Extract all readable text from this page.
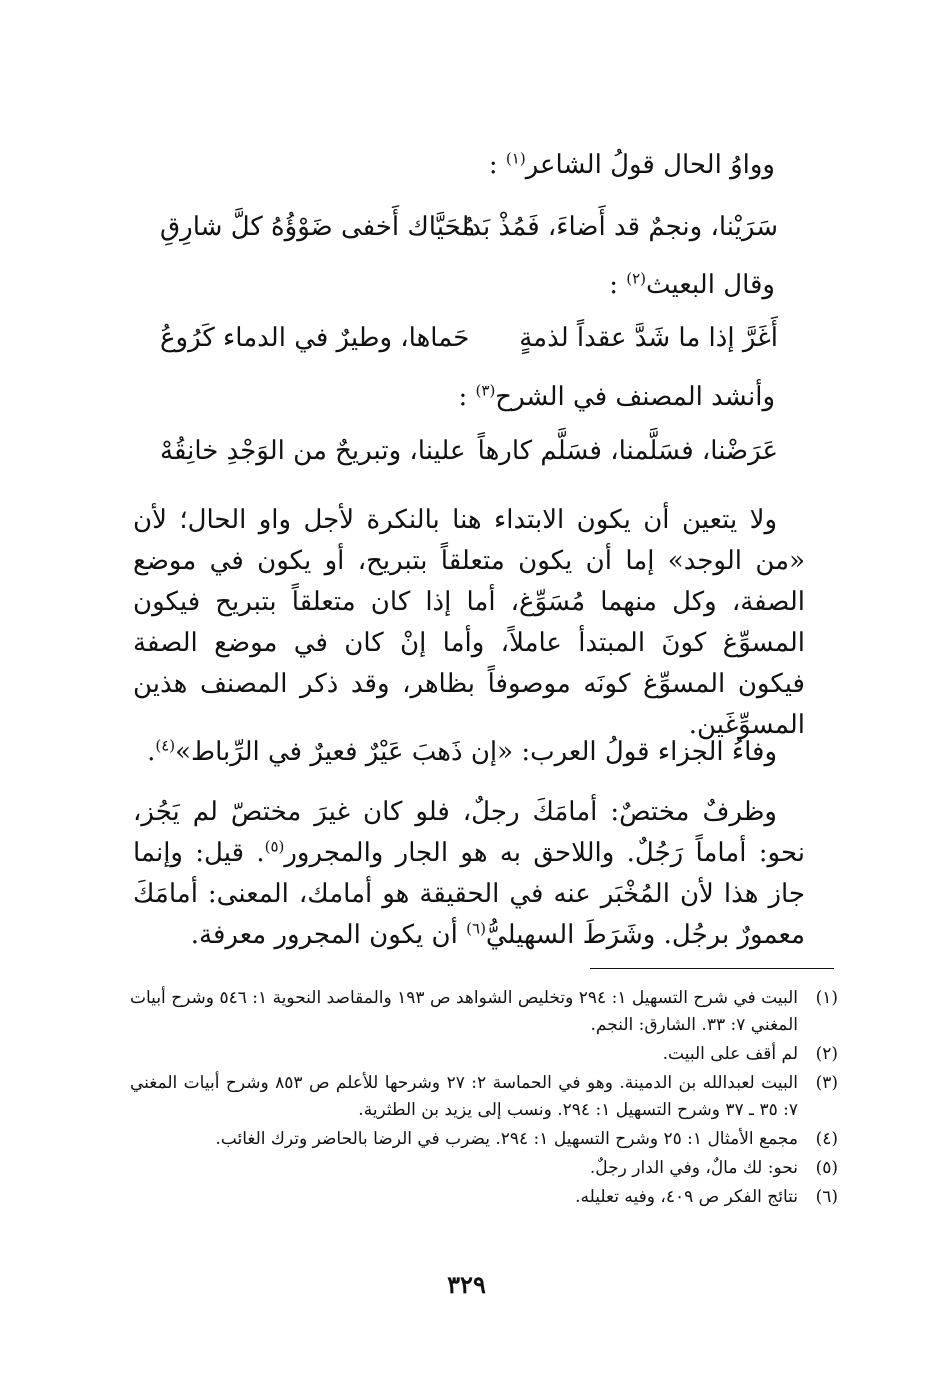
وواوُ الحال قولُ الشاعر$^{(١)}$ :
سَرَيْنا، ونجمٌ قد أَضاءَ، فَمُذْ بَدا
مُحَيَّاك أَخفى ضَوْؤُهُ كلَّ شارِقِ
وقال البعيث$^{(٢)}$ :
أَغَرَّ إذا ما شَدَّ عقداً لذمةٍ
حَماها، وطيرٌ في الدماء كَرُوعُ
وأنشد المصنف في الشرح$^{(٣)}$ :
عَرَضْنا، فسَلَّمنا، فسَلَّم كارهاً
علينا، وتبريحٌ من الوَجْدِ خانِقُهْ
ولا يتعين أن يكون الابتداء هنا بالنكرة لأجل واو الحال؛ لأن «من الوجد» إما أن يكون متعلقاً بتبريح، أو يكون في موضع الصفة، وكل منهما مُسَوِّغ، أما إذا كان متعلقاً بتبريح فيكون المسوِّغ كونَ المبتدأ عاملاً، وأما إنْ كان في موضع الصفة فيكون المسوِّغ كونَه موصوفاً بظاهر، وقد ذكر المصنف هذين المسوِّغَين.
وفاءُ الجزاء قولُ العرب: «إن ذَهبَ عَيْرٌ فعيرٌ في الرِّباط»$^{(٤)}$.
وظرفٌ مختصٌ: أمامَكَ رجلٌ، فلو كان غيرَ مختصّ لم يَجُز، نحو: أماماً رَجُلٌ. واللاحق به هو الجار والمجرور$^{(٥)}$. قيل: وإنما جاز هذا لأن المُخْبَر عنه في الحقيقة هو أمامك، المعنى: أمامَكَ معمورٌ برجُل. وشَرَطَ السهيليُّ$^{(٦)}$ أن يكون المجرور معرفة.
(١)
البيت في شرح التسهيل ١: ٢٩٤ وتخليص الشواهد ص ١٩٣ والمقاصد النحوية ١: ٥٤٦ وشرح أبيات المغني ٧: ٣٣. الشارق: النجم.
(٢)
لم أقف على البيت.
(٣)
البيت لعبدالله بن الدمينة. وهو في الحماسة ٢: ٢٧ وشرحها للأعلم ص ٨٥٣ وشرح أبيات المغني ٧: ٣٥ ـ ٣٧ وشرح التسهيل ١: ٢٩٤. ونسب إلى يزيد بن الطثرية.
(٤)
مجمع الأمثال ١: ٢٥ وشرح التسهيل ١: ٢٩٤. يضرب في الرضا بالحاضر وترك الغائب.
(٥)
نحو: لك مالٌ، وفي الدار رجلٌ.
(٦)
نتائج الفكر ص ٤٠٩، وفيه تعليله.
٣٢٩
